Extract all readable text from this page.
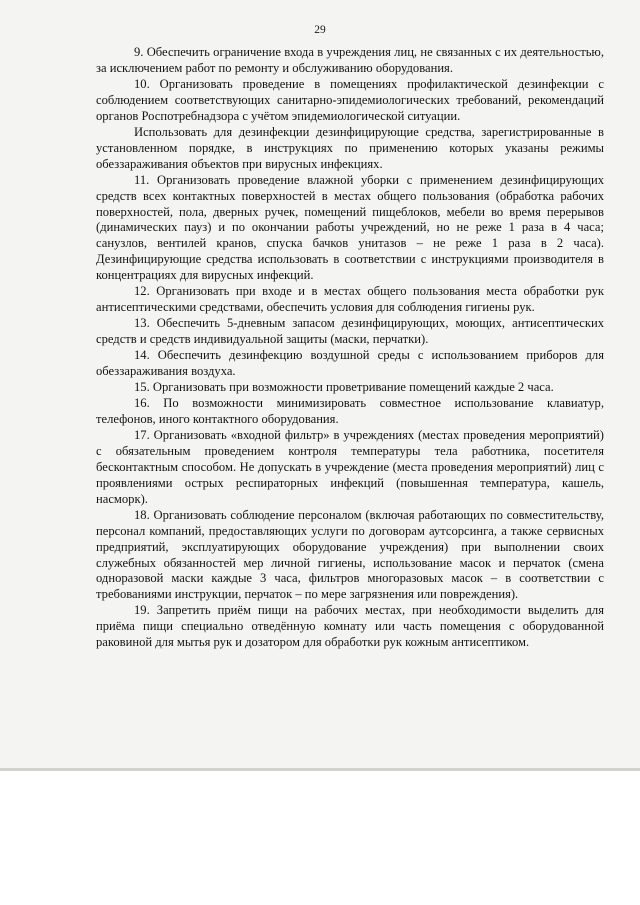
29

9. Обеспечить ограничение входа в учреждения лиц, не связанных с их деятельностью, за исключением работ по ремонту и обслуживанию оборудования.

10. Организовать проведение в помещениях профилактической дезинфекции с соблюдением соответствующих санитарно-эпидемиологических требований, рекомендаций органов Роспотребнадзора с учётом эпидемиологической ситуации.

Использовать для дезинфекции дезинфицирующие средства, зарегистрированные в установленном порядке, в инструкциях по применению которых указаны режимы обеззараживания объектов при вирусных инфекциях.

11. Организовать проведение влажной уборки с применением дезинфицирующих средств всех контактных поверхностей в местах общего пользования (обработка рабочих поверхностей, пола, дверных ручек, помещений пищеблоков, мебели во время перерывов (динамических пауз) и по окончании работы учреждений, но не реже 1 раза в 4 часа; санузлов, вентилей кранов, спуска бачков унитазов – не реже 1 раза в 2 часа). Дезинфицирующие средства использовать в соответствии с инструкциями производителя в концентрациях для вирусных инфекций.

12. Организовать при входе и в местах общего пользования места обработки рук антисептическими средствами, обеспечить условия для соблюдения гигиены рук.

13. Обеспечить 5-дневным запасом дезинфицирующих, моющих, антисептических средств и средств индивидуальной защиты (маски, перчатки).

14. Обеспечить дезинфекцию воздушной среды с использованием приборов для обеззараживания воздуха.

15. Организовать при возможности проветривание помещений каждые 2 часа.

16. По возможности минимизировать совместное использование клавиатур, телефонов, иного контактного оборудования.

17. Организовать «входной фильтр» в учреждениях (местах проведения мероприятий) с обязательным проведением контроля температуры тела работника, посетителя бесконтактным способом. Не допускать в учреждение (места проведения мероприятий) лиц с проявлениями острых респираторных инфекций (повышенная температура, кашель, насморк).

18. Организовать соблюдение персоналом (включая работающих по совместительству, персонал компаний, предоставляющих услуги по договорам аутсорсинга, а также сервисных предприятий, эксплуатирующих оборудование учреждения) при выполнении своих служебных обязанностей мер личной гигиены, использование масок и перчаток (смена одноразовой маски каждые 3 часа, фильтров многоразовых масок – в соответствии с требованиями инструкции, перчаток – по мере загрязнения или повреждения).

19. Запретить приём пищи на рабочих местах, при необходимости выделить для приёма пищи специально отведённую комнату или часть помещения с оборудованной раковиной для мытья рук и дозатором для обработки рук кожным антисептиком.
